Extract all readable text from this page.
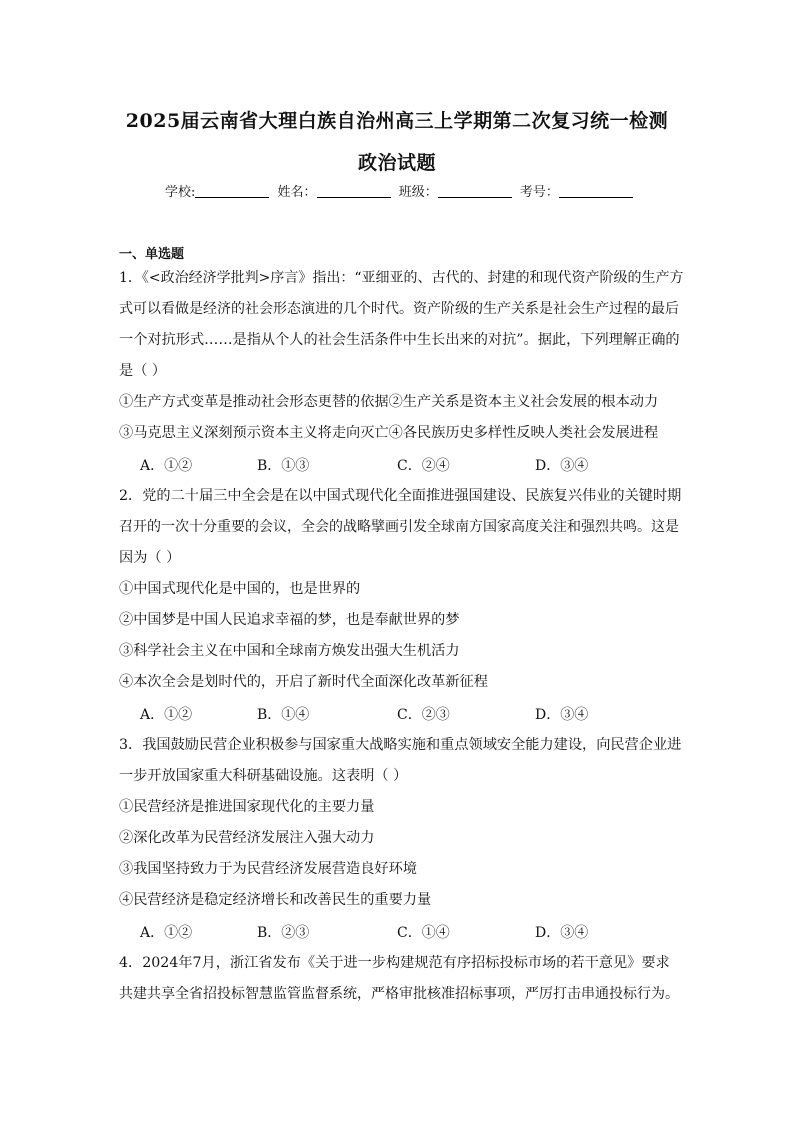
2025届云南省大理白族自治州高三上学期第二次复习统一检测
政治试题
学校:	姓名：	班级：	考号：
一、单选题
1．《<政治经济学批判>序言》指出：“亚细亚的、古代的、封建的和现代资产阶级的生产方
式可以看做是经济的社会形态演进的几个时代。资产阶级的生产关系是社会生产过程的最后
一个对抗形式……是指从个人的社会生活条件中生长出来的对抗”。据此，下列理解正确的
是（ ）
①生产方式变革是推动社会形态更替的依据②生产关系是资本主义社会发展的根本动力
③马克思主义深刻预示资本主义将走向灭亡④各民族历史多样性反映人类社会发展进程
A．①②	B．①③	C．②④	D．③④
2．党的二十届三中全会是在以中国式现代化全面推进强国建设、民族复兴伟业的关键时期
召开的一次十分重要的会议，全会的战略擘画引发全球南方国家高度关注和强烈共鸣。这是
因为（ ）
①中国式现代化是中国的，也是世界的
②中国梦是中国人民追求幸福的梦，也是奉献世界的梦
③科学社会主义在中国和全球南方焕发出强大生机活力
④本次全会是划时代的，开启了新时代全面深化改革新征程
A．①②	B．①④	C．②③	D．③④
3．我国鼓励民营企业积极参与国家重大战略实施和重点领域安全能力建设，向民营企业进
一步开放国家重大科研基础设施。这表明（ ）
①民营经济是推进国家现代化的主要力量
②深化改革为民营经济发展注入强大动力
③我国坚持致力于为民营经济发展营造良好环境
④民营经济是稳定经济增长和改善民生的重要力量
A．①②	B．②③	C．①④	D．③④
4．2024年7月，浙江省发布《关于进一步构建规范有序招标投标市场的若干意见》要求
共建共享全省招投标智慧监管监督系统，严格审批核准招标事项，严厉打击串通投标行为。
